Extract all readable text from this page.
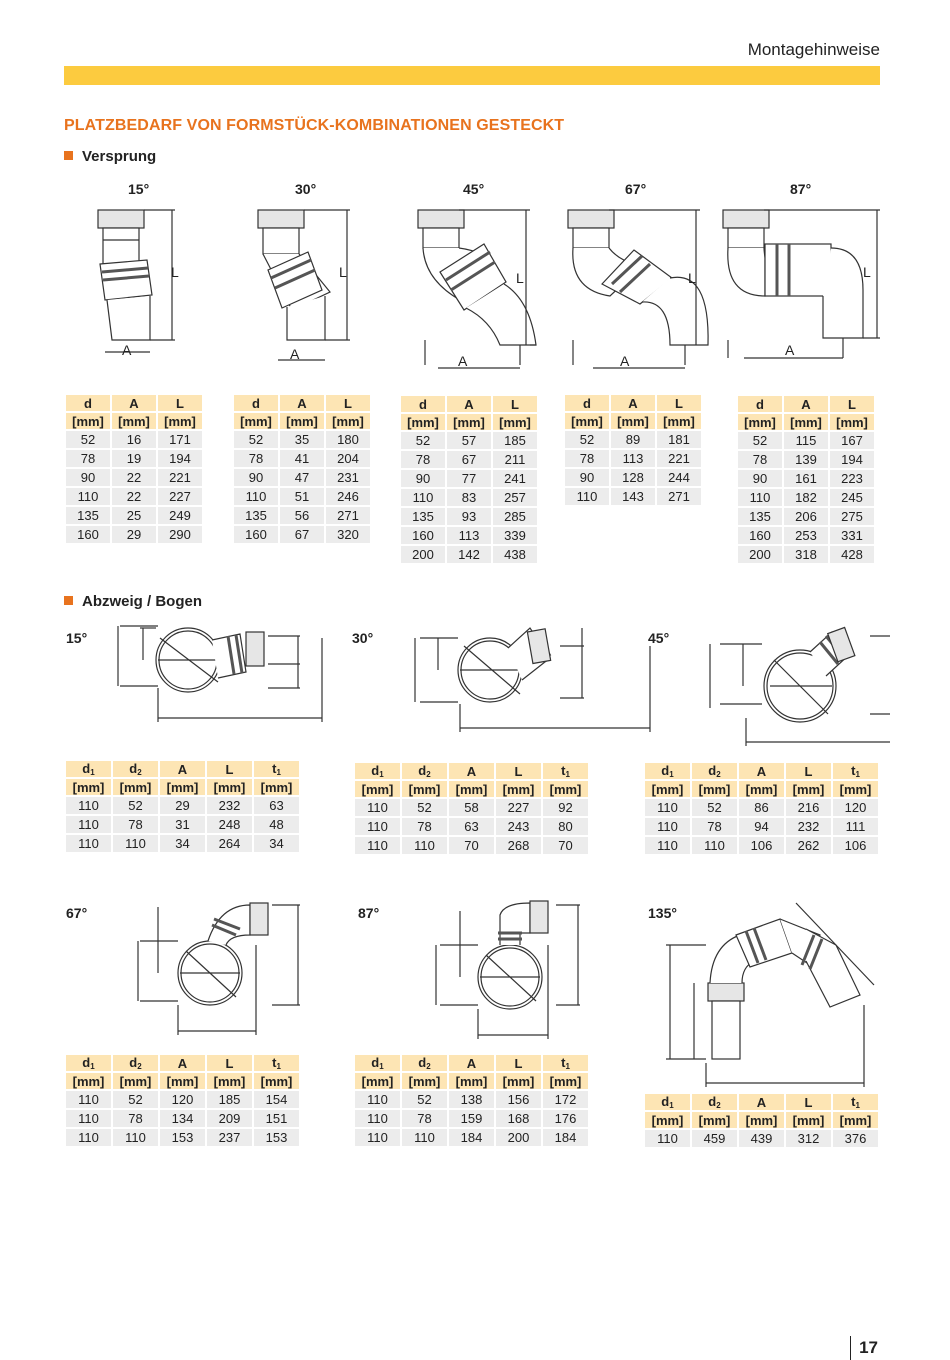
Montagehinweise
PLATZBEDARF VON FORMSTÜCK-KOMBINATIONEN GESTECKT
Versprung
15°	30°	45°	67°	87°
L	L	L	L	L
A	A	A	A
A
d	A	L
[mm]	[mm]	[mm]
52	16	171
78	19	194
90	22	221
110	22	227
135	25	249
160	29	290
d	A	L
[mm]	[mm]	[mm]
52	35	180
78	41	204
90	47	231
110	51	246
135	56	271
160	67	320
d	A	L
[mm]	[mm]	[mm]
52	57	185
78	67	211
90	77	241
110	83	257
135	93	285
160	113	339
200	142	438
d	A	L
[mm]	[mm]	[mm]
52	89	181
78	113	221
90	128	244
110	143	271
d	A	L
[mm]	[mm]	[mm]
52	115	167
78	139	194
90	161	223
110	182	245
135	206	275
160	253	331
200	318	428
Abzweig / Bogen
15°	30°	45°
67°	87°	135°
$d_1$	$d_2$	A	L	$t_1$
[mm]	[mm]	[mm]	[mm]	[mm]
110	52	29	232	63
110	78	31	248	48
110	110	34	264	34
$d_1$	$d_2$	A	L	$t_1$
[mm]	[mm]	[mm]	[mm]	[mm]
110	52	58	227	92
110	78	63	243	80
110	110	70	268	70
$d_1$	$d_2$	A	L	$t_1$
[mm]	[mm]	[mm]	[mm]	[mm]
110	52	86	216	120
110	78	94	232	111
110	110	106	262	106
$d_1$	$d_2$	A	L	$t_1$
[mm]	[mm]	[mm]	[mm]	[mm]
110	52	120	185	154
110	78	134	209	151
110	110	153	237	153
$d_1$	$d_2$	A	L	$t_1$
[mm]	[mm]	[mm]	[mm]	[mm]
110	52	138	156	172
110	78	159	168	176
110	110	184	200	184
$d_1$	$d_2$	A	L	$t_1$
[mm]	[mm]	[mm]	[mm]	[mm]
110	459	439	312	376
17
